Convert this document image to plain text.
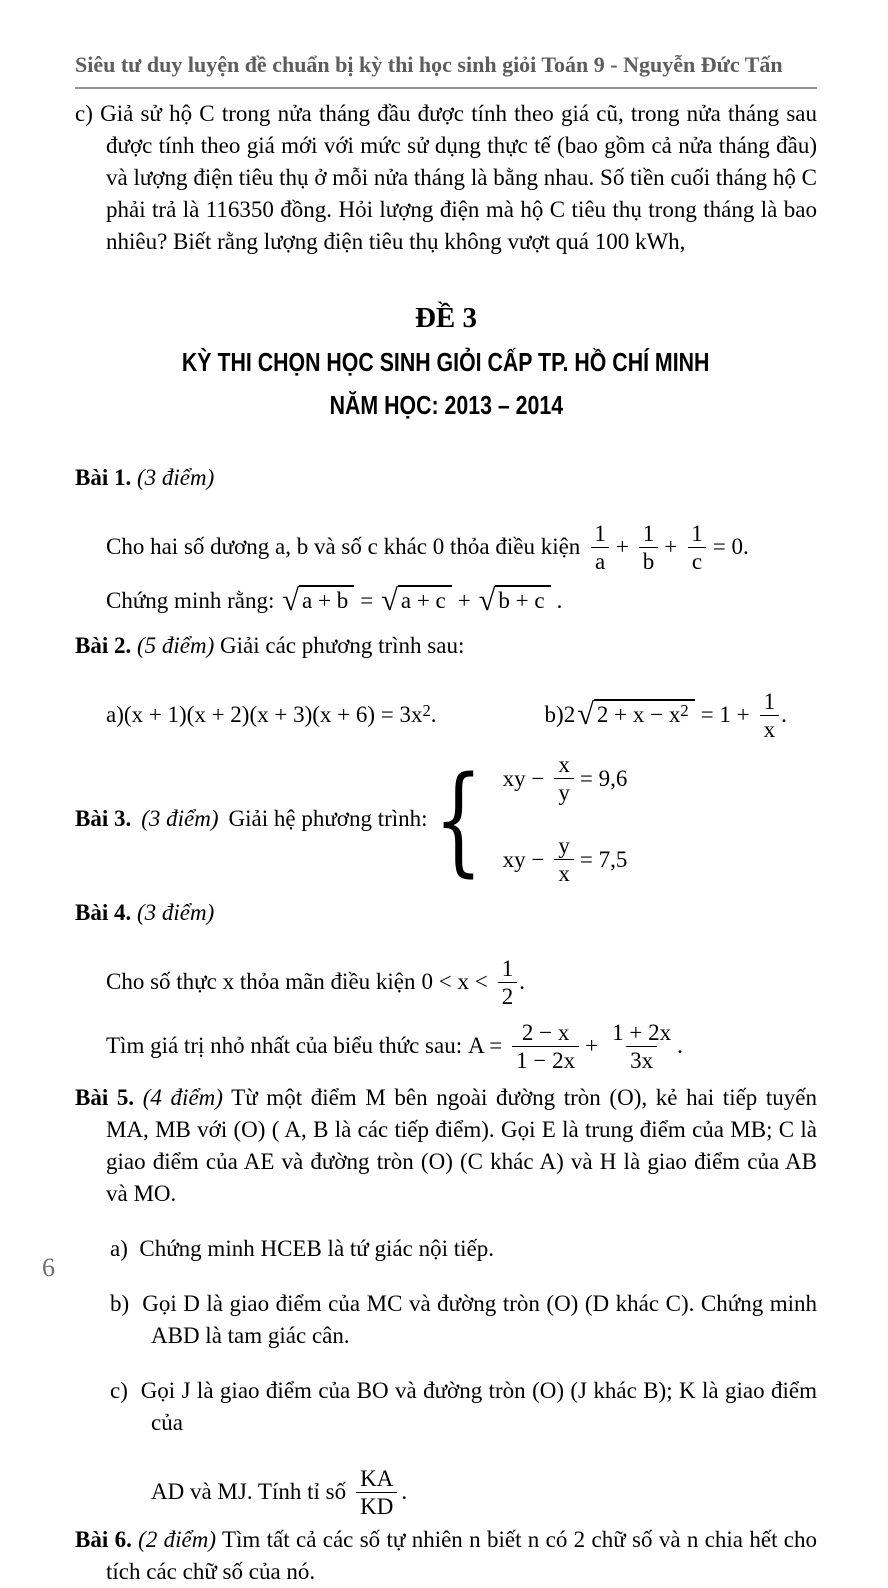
Siêu tư duy luyện đề chuẩn bị kỳ thi học sinh giỏi Toán 9 - Nguyễn Đức Tấn

c) Giả sử hộ C trong nửa tháng đầu được tính theo giá cũ, trong nửa tháng sau được tính theo giá mới với mức sử dụng thực tế (bao gồm cả nửa tháng đầu) và lượng điện tiêu thụ ở mỗi nửa tháng là bằng nhau. Số tiền cuối tháng hộ C phải trả là 116350 đồng. Hỏi lượng điện mà hộ C tiêu thụ trong tháng là bao nhiêu? Biết rằng lượng điện tiêu thụ không vượt quá 100 kWh,

ĐỀ 3
KỲ THI CHỌN HỌC SINH GIỎI CẤP TP. HỒ CHÍ MINH
NĂM HỌC: 2013 – 2014

Bài 1. (3 điểm)

Cho hai số dương a, b và số c khác 0 thỏa điều kiện $\frac{1}{a} + \frac{1}{b} + \frac{1}{c} = 0$.
Chứng minh rằng: √ a + b = √ a + c + √ b + c .

Bài 2. (5 điểm) Giải các phương trình sau:

$a)(x + 1)(x + 2)(x + 3)(x + 6) = 3x^2$.	b)2 √ $2 + x - x^2 = 1 + \frac{1}{x}$ .
Bài 3. (3 điểm) Giải hệ phương trình: { xy − $\frac{x}{y} = 9,6$
xy − $\frac{y}{x} = 7,5$

Bài 4. (3 điểm)

Cho số thực x thỏa mãn điều kiện $0 < x < \frac{1}{2}$ .
Tìm giá trị nhỏ nhất của biểu thức sau: $A = \frac{2 - x}{1 - 2x} + \frac{1 + 2x}{3x}$ .

Bài 5. (4 điểm) Từ một điểm M bên ngoài đường tròn (O), kẻ hai tiếp tuyến MA, MB với (O) ( A, B là các tiếp điểm). Gọi E là trung điểm của MB; C là giao điểm của AE và đường tròn (O) (C khác A) và H là giao điểm của AB và MO.

a) Chứng minh HCEB là tứ giác nội tiếp.

b) Gọi D là giao điểm của MC và đường tròn (O) (D khác C). Chứng minh ABD là tam giác cân.

c) Gọi J là giao điểm của BO và đường tròn (O) (J khác B); K là giao điểm của

AD và MJ. Tính tỉ số $\frac{KA}{KD}$ .

Bài 6. (2 điểm) Tìm tất cả các số tự nhiên n biết n có 2 chữ số và n chia hết cho tích các chữ số của nó.

6
